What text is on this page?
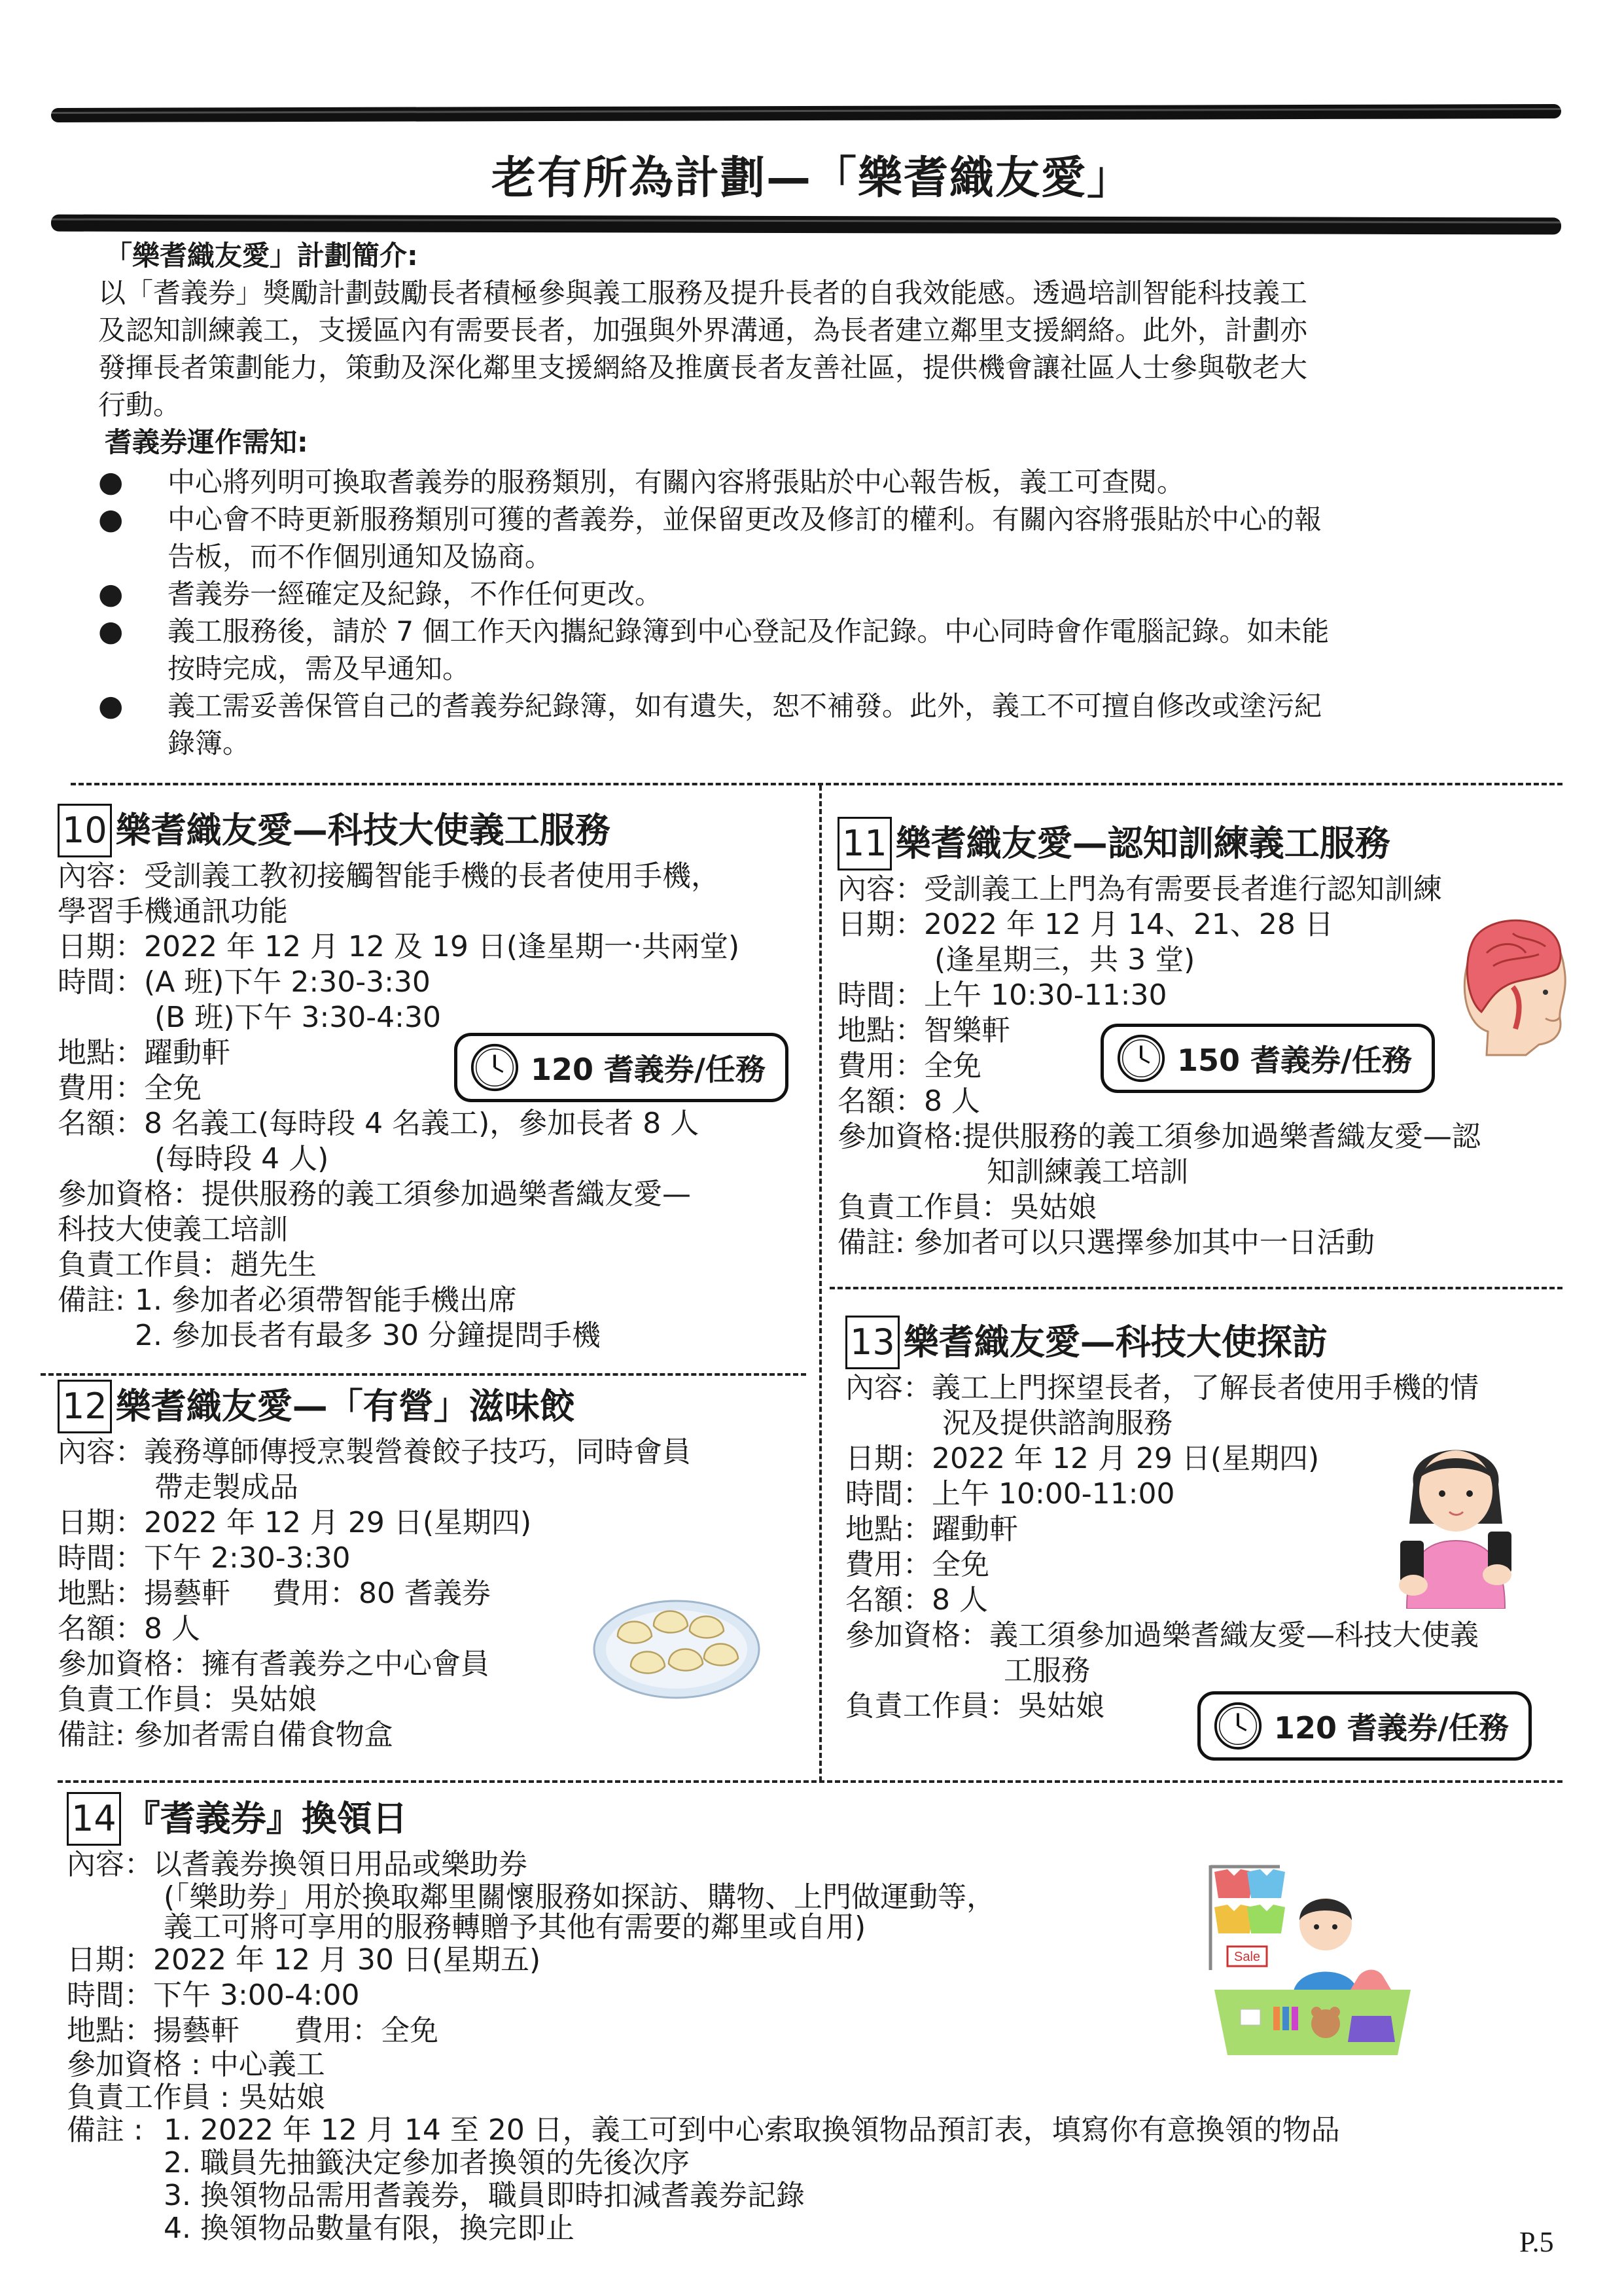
老有所為計劃—「樂耆織友愛」
「樂耆織友愛」計劃簡介:
以「耆義券」獎勵計劃鼓勵長者積極參與義工服務及提升長者的自我效能感。透過培訓智能科技義工
及認知訓練義工，支援區內有需要長者，加强與外界溝通，為長者建立鄰里支援網絡。此外，計劃亦
發揮長者策劃能力，策動及深化鄰里支援網絡及推廣長者友善社區，提供機會讓社區人士參與敬老大
行動。
耆義券運作需知:
● 中心將列明可換取耆義券的服務類別，有關內容將張貼於中心報告板，義工可查閱。
● 中心會不時更新服務類別可獲的耆義券，並保留更改及修訂的權利。有關內容將張貼於中心的報
告板，而不作個別通知及協商。
● 耆義券一經確定及紀錄，不作任何更改。
● 義工服務後，請於 7 個工作天內攜紀錄簿到中心登記及作記錄。中心同時會作電腦記錄。如未能
按時完成，需及早通知。
● 義工需妥善保管自己的耆義券紀錄簿，如有遺失，恕不補發。此外，義工不可擅自修改或塗污紀
錄簿。
10 樂耆織友愛—科技大使義工服務
內容： 受訓義工教初接觸智能手機的長者使用手機，
學習手機通訊功能
日期： 2022 年 12 月 12 及 19 日(逢星期一‧共兩堂)
時間： (A 班)下午 2:30-3:30
(B 班)下午 3:30-4:30
地點： 躍動軒
費用： 全免
名額： 8 名義工(每時段 4 名義工)，參加長者 8 人
(每時段 4 人)
參加資格：提供服務的義工須參加過樂耆織友愛—
科技大使義工培訓
負責工作員：趙先生
備註: 1. 參加者必須帶智能手機出席
2. 參加長者有最多 30 分鐘提問手機
120 耆義券/任務
11 樂耆織友愛—認知訓練義工服務
內容： 受訓義工上門為有需要長者進行認知訓練
日期： 2022 年 12 月 14、21、28 日
(逢星期三，共 3 堂)
時間： 上午 10:30-11:30
地點： 智樂軒
費用： 全免
名額： 8 人
參加資格: 提供服務的義工須參加過樂耆織友愛—認
知訓練義工培訓
負責工作員：吳姑娘
備註: 參加者可以只選擇參加其中一日活動
150 耆義券/任務
12 樂耆織友愛—「有營」滋味餃
內容： 義務導師傳授烹製營養餃子技巧，同時會員
帶走製成品
日期：2022 年 12 月 29 日(星期四)
時間：下午 2:30-3:30
地點：揚藝軒 費用：80 耆義券
名額：8 人
參加資格：擁有耆義券之中心會員
負責工作員：吳姑娘
備註: 參加者需自備食物盒
13 樂耆織友愛—科技大使探訪
內容： 義工上門探望長者，了解長者使用手機的情
況及提供諮詢服務
日期：2022 年 12 月 29 日(星期四)
時間：上午 10:00-11:00
地點：躍動軒
費用：全免
名額：8 人
參加資格： 義工須參加過樂耆織友愛—科技大使義
工服務
負責工作員：吳姑娘
120 耆義券/任務
14 『耆義券』換領日
內容： 以耆義券換領日用品或樂助券
(「樂助券」用於換取鄰里關懷服務如探訪、購物、上門做運動等，
義工可將可享用的服務轉贈予其他有需要的鄰里或自用)
日期：2022 年 12 月 30 日(星期五)
時間：下午 3:00-4:00
地點：揚藝軒 費用：全免
參加資格 : 中心義工
負責工作員 : 吳姑娘
備註 : 1. 2022 年 12 月 14 至 20 日，義工可到中心索取換領物品預訂表，填寫你有意換領的物品
2. 職員先抽籤決定參加者換領的先後次序
3. 換領物品需用耆義券，職員即時扣減耆義券記錄
4. 換領物品數量有限，換完即止
Sale
P.5
